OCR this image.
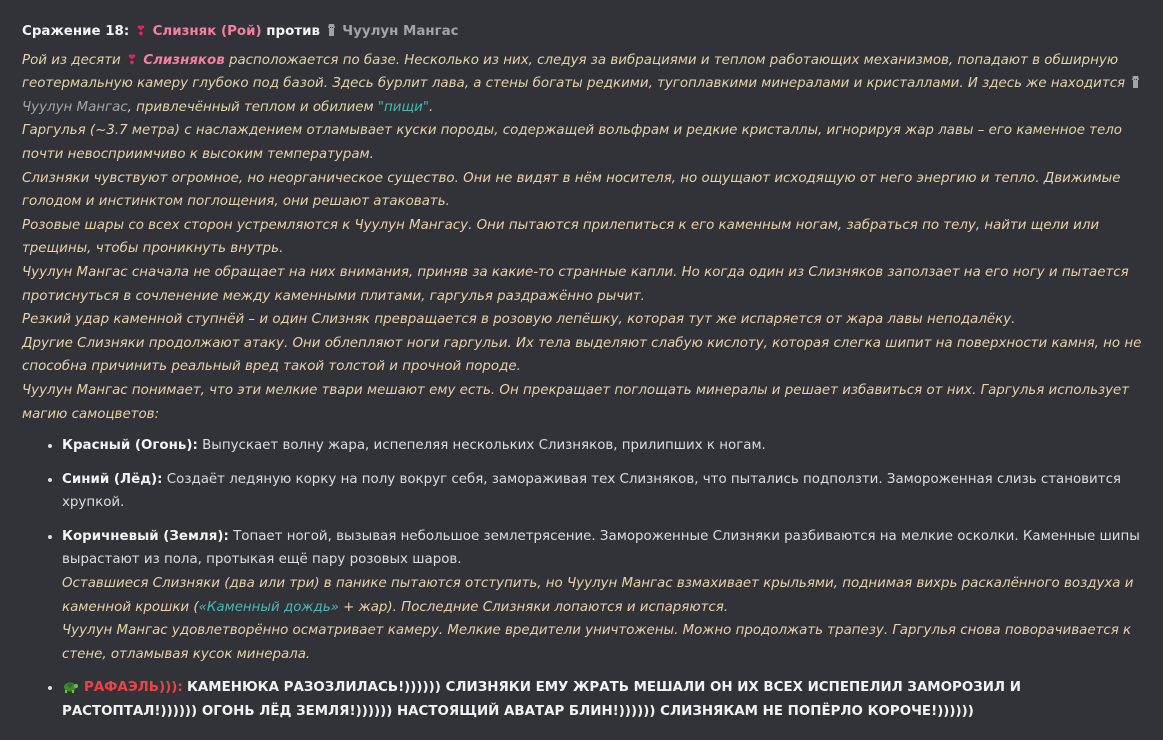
Сражение 18: ❣ Слизняк (Рой) против Чуулун Мангас

Рой из десяти ❣ Слизняков расположается по базе. Несколько из них, следуя за вибрациями и теплом работающих механизмов, попадают в обширную геотермальную камеру глубоко под базой. Здесь бурлит лава, а стены богаты редкими, тугоплавкими минералами и кристаллами. И здесь же находится Чуулун Мангас, привлечённый теплом и обилием "пищи".

Гаргулья (~3.7 метра) с наслаждением отламывает куски породы, содержащей вольфрам и редкие кристаллы, игнорируя жар лавы – его каменное тело почти невосприимчиво к высоким температурам.

Слизняки чувствуют огромное, но неорганическое существо. Они не видят в нём носителя, но ощущают исходящую от него энергию и тепло. Движимые голодом и инстинктом поглощения, они решают атаковать.

Розовые шары со всех сторон устремляются к Чуулун Мангасу. Они пытаются прилепиться к его каменным ногам, забраться по телу, найти щели или трещины, чтобы проникнуть внутрь.

Чуулун Мангас сначала не обращает на них внимания, приняв за какие-то странные капли. Но когда один из Слизняков заползает на его ногу и пытается протиснуться в сочленение между каменными плитами, гаргулья раздражённо рычит.

Резкий удар каменной ступнёй – и один Слизняк превращается в розовую лепёшку, которая тут же испаряется от жара лавы неподалёку.

Другие Слизняки продолжают атаку. Они облепляют ноги гаргульи. Их тела выделяют слабую кислоту, которая слегка шипит на поверхности камня, но не способна причинить реальный вред такой толстой и прочной породе.

Чуулун Мангас понимает, что эти мелкие твари мешают ему есть. Он прекращает поглощать минералы и решает избавиться от них. Гаргулья использует магию самоцветов:

• Красный (Огонь): Выпускает волну жара, испепеляя нескольких Слизняков, прилипших к ногам.
• Синий (Лёд): Создаёт ледяную корку на полу вокруг себя, замораживая тех Слизняков, что пытались подползти. Замороженная слизь становится хрупкой.
• Коричневый (Земля): Топает ногой, вызывая небольшое землетрясение. Замороженные Слизняки разбиваются на мелкие осколки. Каменные шипы вырастают из пола, протыкая ещё пару розовых шаров.

Оставшиеся Слизняки (два или три) в панике пытаются отступить, но Чуулун Мангас взмахивает крыльями, поднимая вихрь раскалённого воздуха и каменной крошки («Каменный дождь» + жар). Последние Слизняки лопаются и испаряются.

Чуулун Мангас удовлетворённо осматривает камеру. Мелкие вредители уничтожены. Можно продолжать трапезу. Гаргулья снова поворачивается к стене, отламывая кусок минерала.

• РАФАЭЛЬ))): КАМЕНЮКА РАЗОЗЛИЛАСЬ!)))))) СЛИЗНЯКИ ЕМУ ЖРАТЬ МЕШАЛИ ОН ИХ ВСЕХ ИСПЕПЕЛИЛ ЗАМОРОЗИЛ И РАСТОПТАЛ!)))))) ОГОНЬ ЛЁД ЗЕМЛЯ!)))))) НАСТОЯЩИЙ АВАТАР БЛИН!)))))) СЛИЗНЯКАМ НЕ ПОПЁРЛО КОРОЧЕ!))))))
